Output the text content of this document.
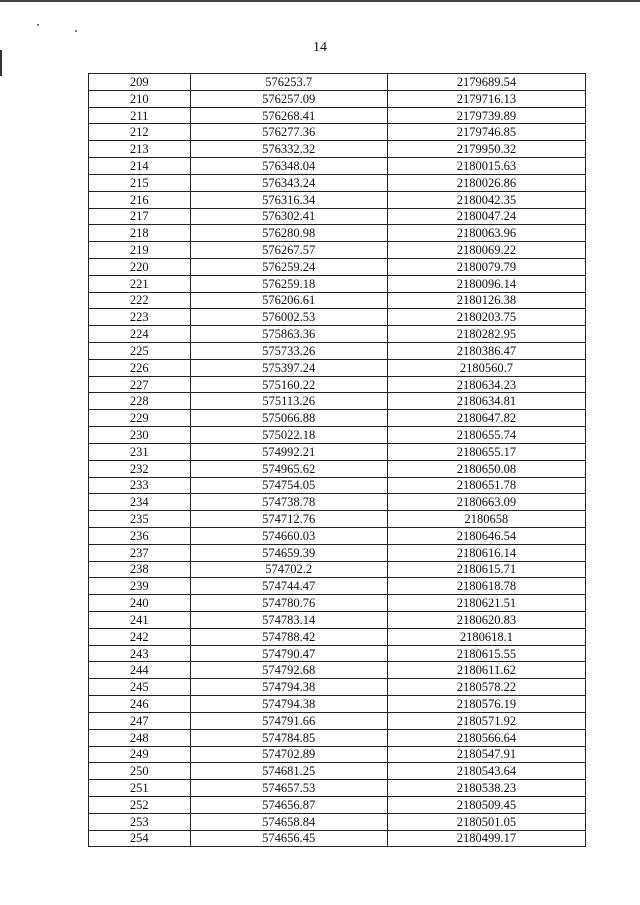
14
209	576253.7	2179689.54
210	576257.09	2179716.13
211	576268.41	2179739.89
212	576277.36	2179746.85
213	576332.32	2179950.32
214	576348.04	2180015.63
215	576343.24	2180026.86
216	576316.34	2180042.35
217	576302.41	2180047.24
218	576280.98	2180063.96
219	576267.57	2180069.22
220	576259.24	2180079.79
221	576259.18	2180096.14
222	576206.61	2180126.38
223	576002.53	2180203.75
224	575863.36	2180282.95
225	575733.26	2180386.47
226	575397.24	2180560.7
227	575160.22	2180634.23
228	575113.26	2180634.81
229	575066.88	2180647.82
230	575022.18	2180655.74
231	574992.21	2180655.17
232	574965.62	2180650.08
233	574754.05	2180651.78
234	574738.78	2180663.09
235	574712.76	2180658
236	574660.03	2180646.54
237	574659.39	2180616.14
238	574702.2	2180615.71
239	574744.47	2180618.78
240	574780.76	2180621.51
241	574783.14	2180620.83
242	574788.42	2180618.1
243	574790.47	2180615.55
244	574792.68	2180611.62
245	574794.38	2180578.22
246	574794.38	2180576.19
247	574791.66	2180571.92
248	574784.85	2180566.64
249	574702.89	2180547.91
250	574681.25	2180543.64
251	574657.53	2180538.23
252	574656.87	2180509.45
253	574658.84	2180501.05
254	574656.45	2180499.17
